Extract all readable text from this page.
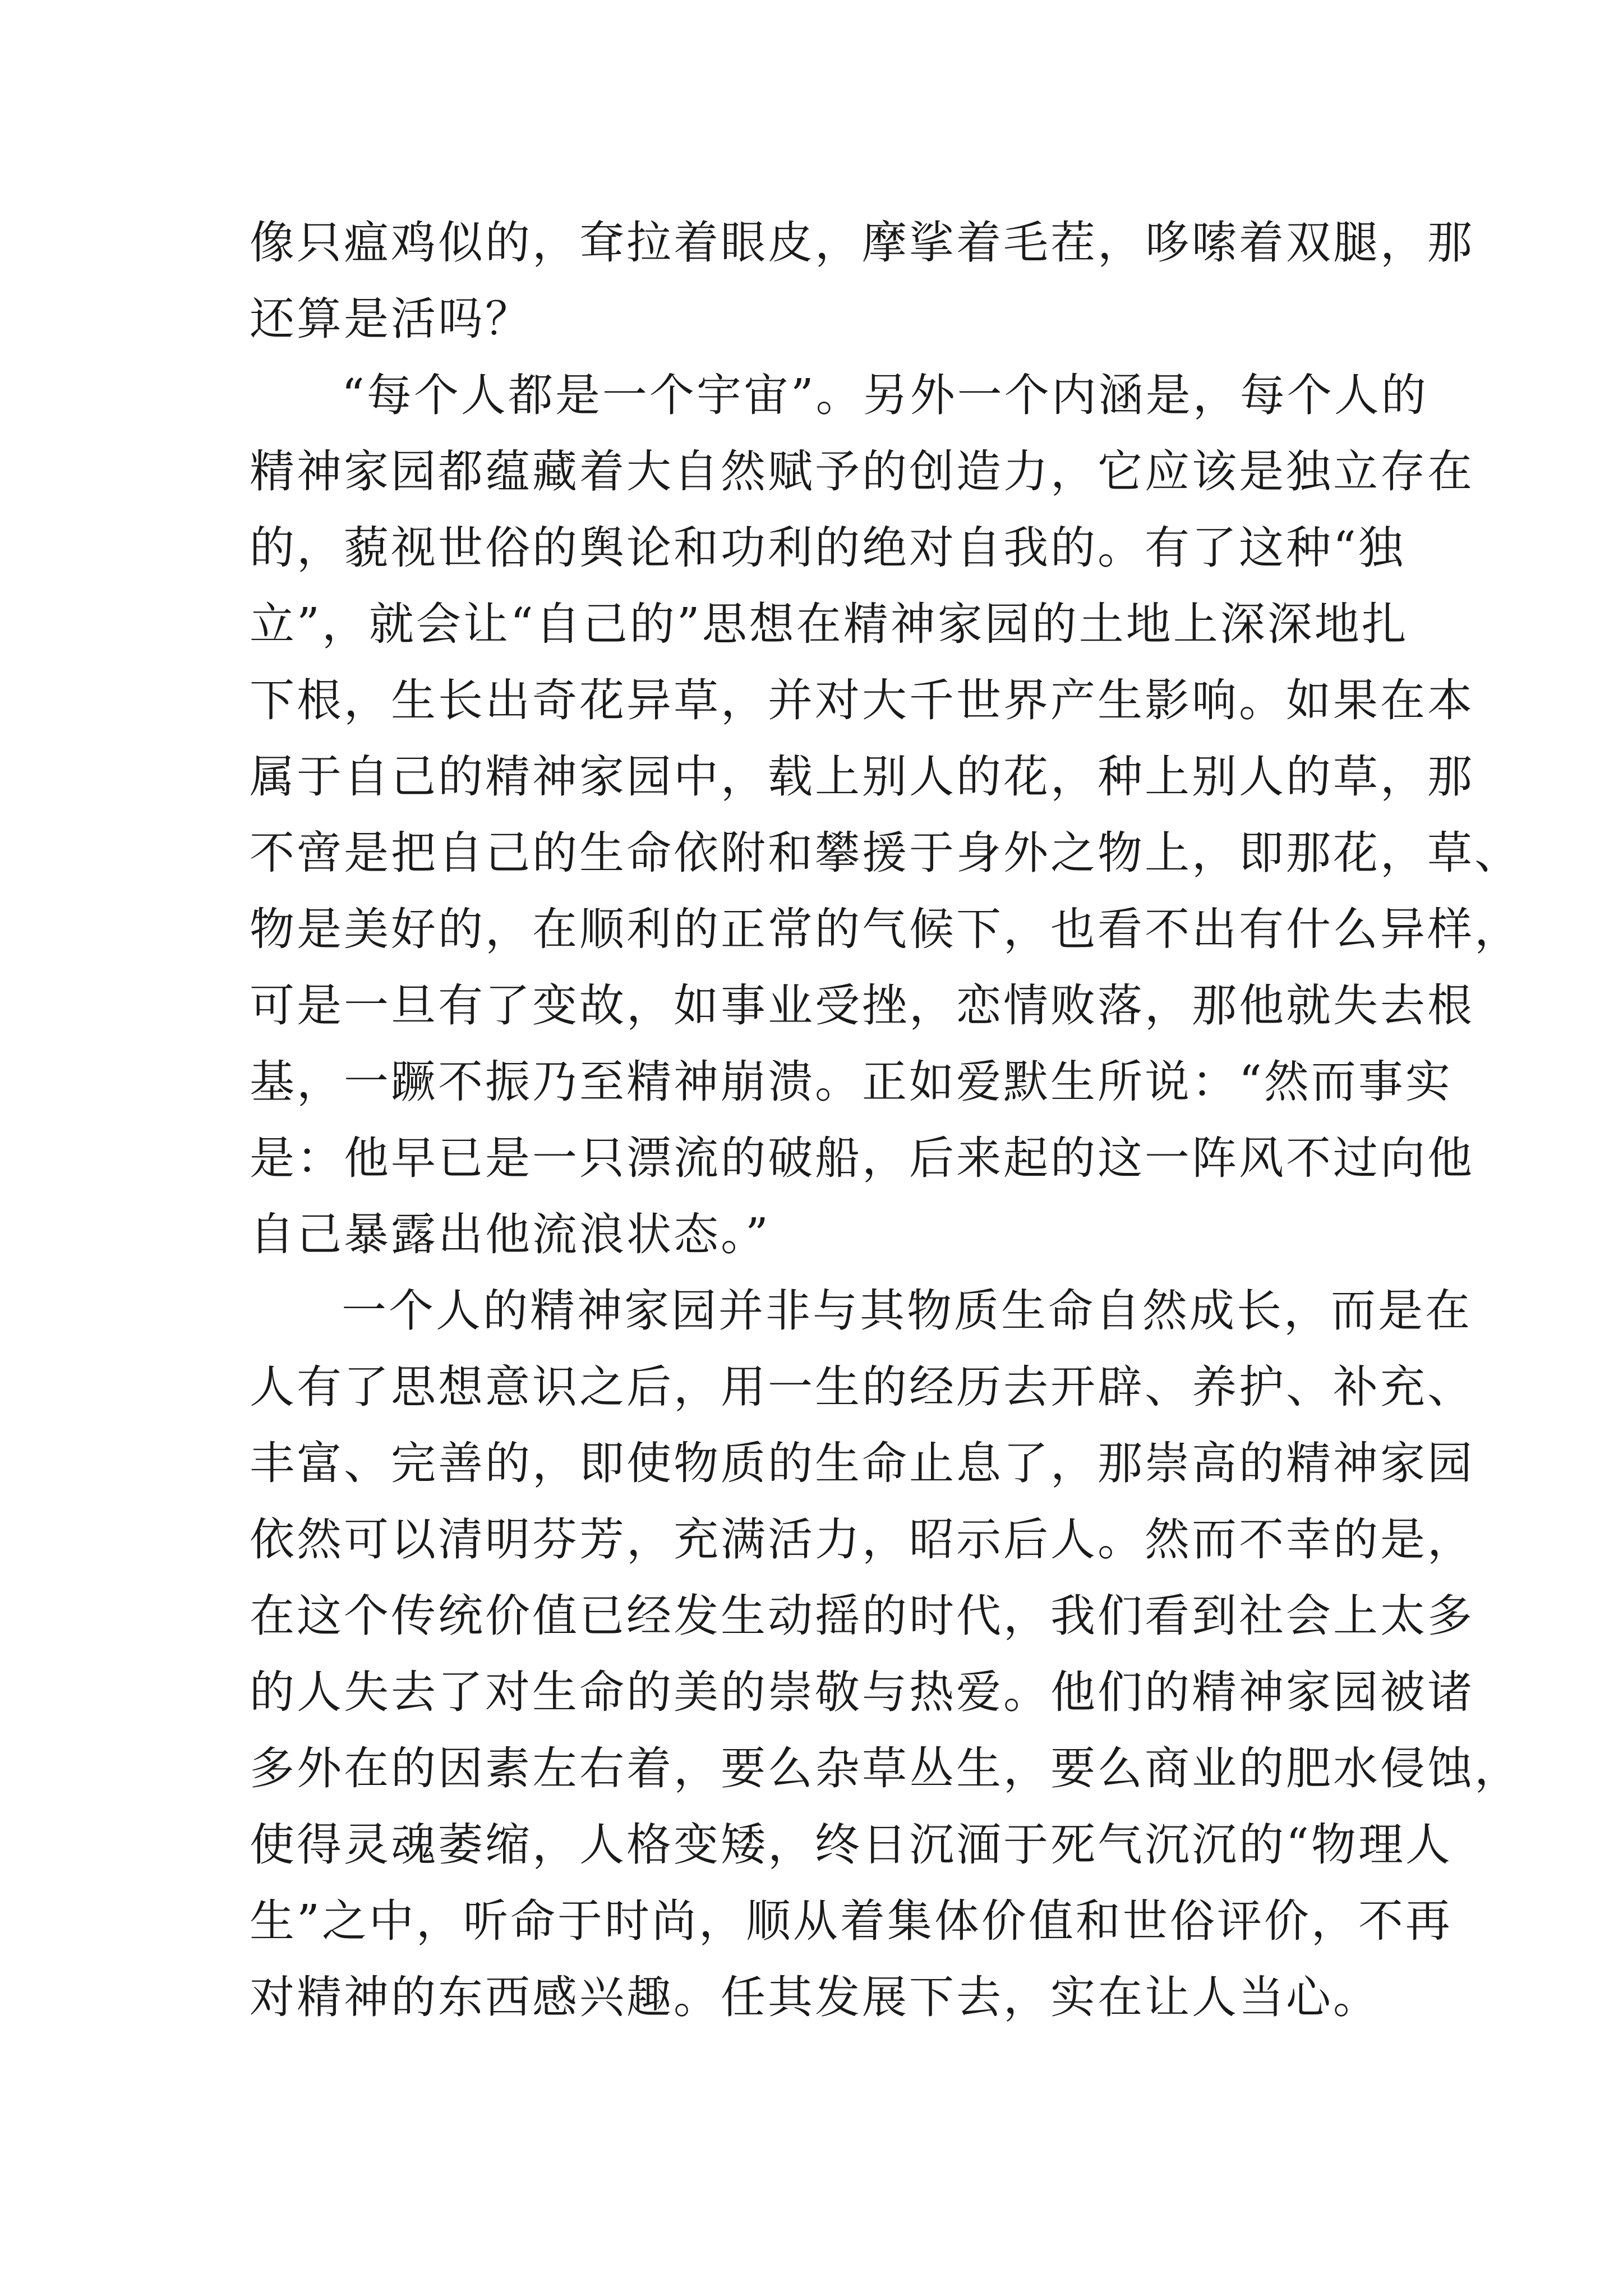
像只瘟鸡似的，耷拉着眼皮，摩挲着毛茬，哆嗦着双腿，那
还算是活吗？
“每个人都是一个宇宙”。另外一个内涵是，每个人的
精神家园都蕴藏着大自然赋予的创造力，它应该是独立存在
的，藐视世俗的舆论和功利的绝对自我的。有了这种“独
立”，就会让“自己的”思想在精神家园的土地上深深地扎
下根，生长出奇花异草，并对大千世界产生影响。如果在本
属于自己的精神家园中，载上别人的花，种上别人的草，那
不啻是把自己的生命依附和攀援于身外之物上，即那花，草、
物是美好的，在顺利的正常的气候下，也看不出有什么异样，
可是一旦有了变故，如事业受挫，恋情败落，那他就失去根
基，一蹶不振乃至精神崩溃。正如爱默生所说：“然而事实
是：他早已是一只漂流的破船，后来起的这一阵风不过向他
自己暴露出他流浪状态。”
一个人的精神家园并非与其物质生命自然成长，而是在
人有了思想意识之后，用一生的经历去开辟、养护、补充、
丰富、完善的，即使物质的生命止息了，那崇高的精神家园
依然可以清明芬芳，充满活力，昭示后人。然而不幸的是，
在这个传统价值已经发生动摇的时代，我们看到社会上太多
的人失去了对生命的美的崇敬与热爱。他们的精神家园被诸
多外在的因素左右着，要么杂草丛生，要么商业的肥水侵蚀，
使得灵魂萎缩，人格变矮，终日沉湎于死气沉沉的“物理人
生”之中，听命于时尚，顺从着集体价值和世俗评价，不再
对精神的东西感兴趣。任其发展下去，实在让人当心。
